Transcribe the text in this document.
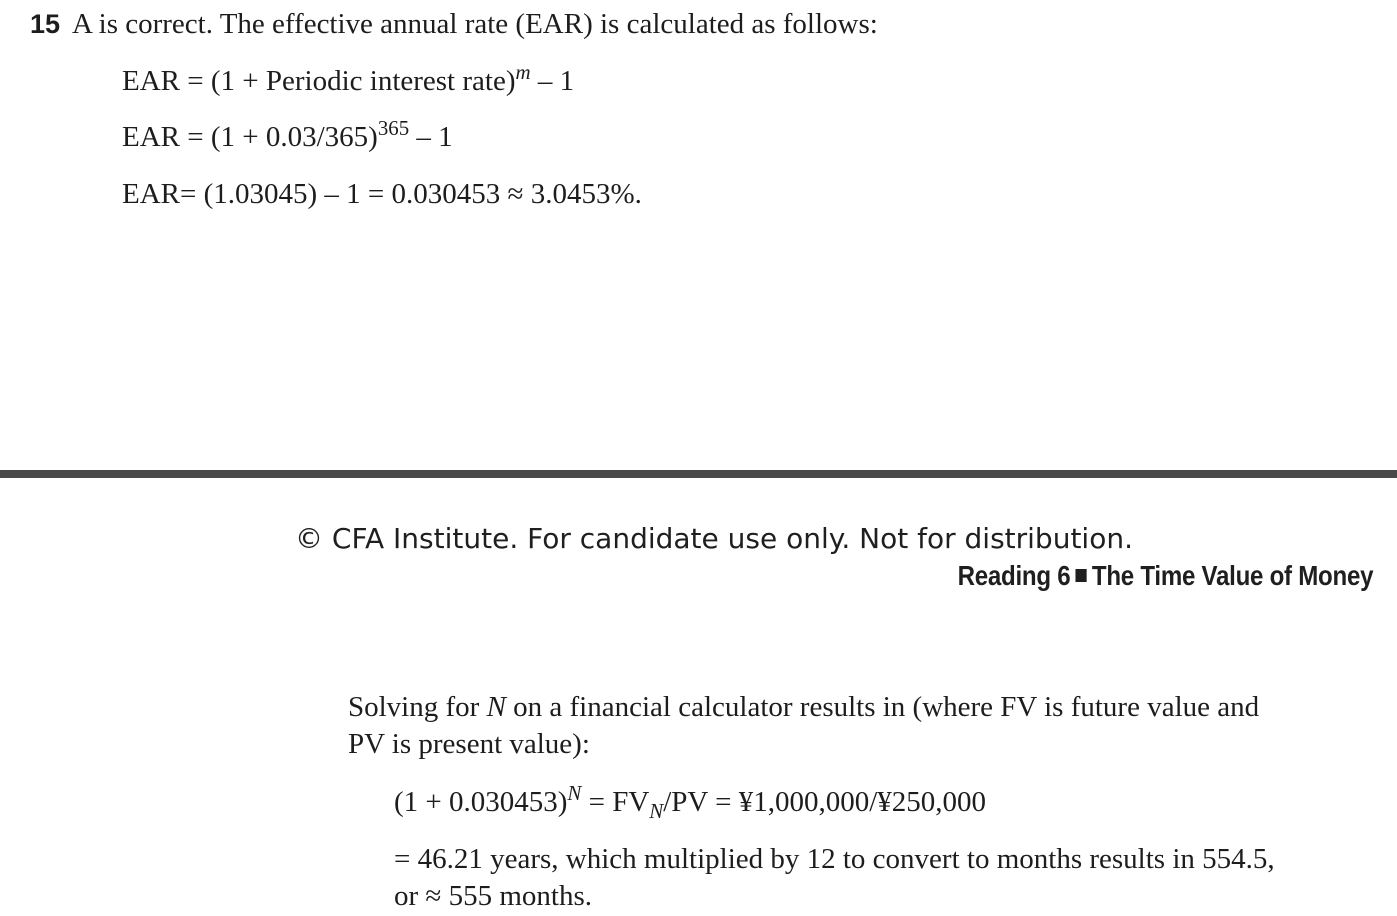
15 A is correct. The effective annual rate (EAR) is calculated as follows:
EAR = (1 + Periodic interest rate)$^m$ – 1
EAR = $(1 + 0.03/365)^{365} - 1$
EAR= (1.03045) – 1 = 0.030453 ≈ 3.0453%.
© CFA Institute. For candidate use only. Not for distribution.
Reading 6 The Time Value of Money
Solving for N on a financial calculator results in (where FV is future value and
PV is present value):
$(1 + 0.030453)^N = FV_N/PV$ = ¥1,000,000/¥250,000
= 46.21 years, which multiplied by 12 to convert to months results in 554.5,
or ≈ 555 months.
